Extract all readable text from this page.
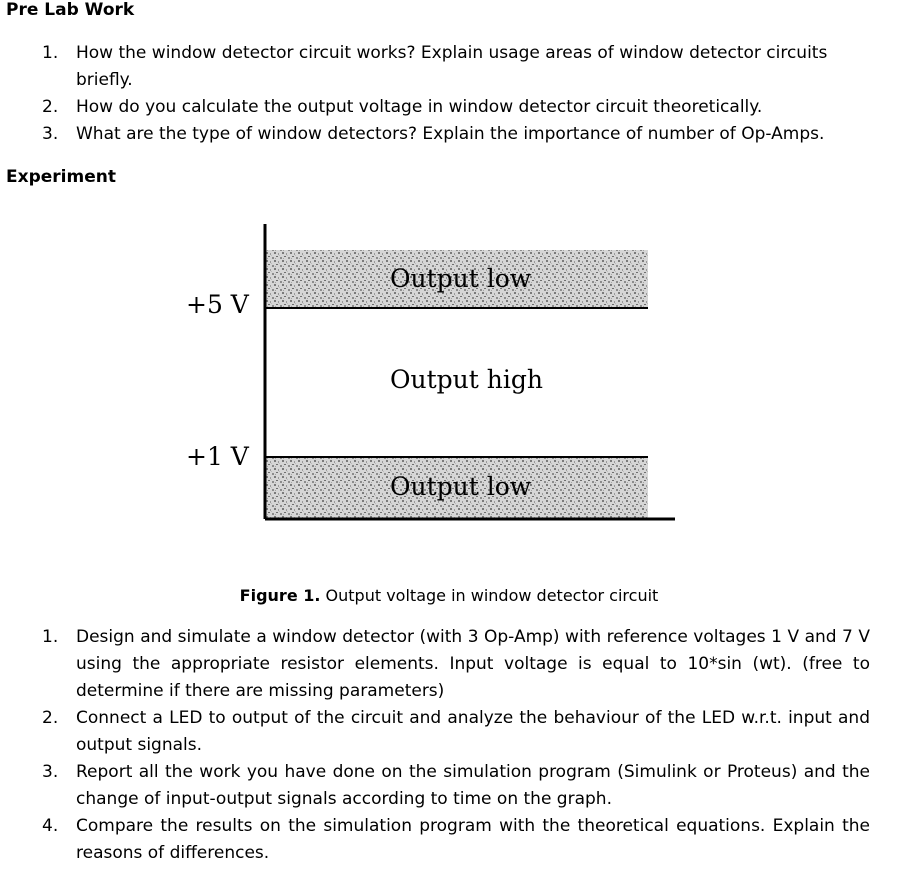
Pre Lab Work
1. How the window detector circuit works? Explain usage areas of window detector circuits briefly.
2. How do you calculate the output voltage in window detector circuit theoretically.
3. What are the type of window detectors? Explain the importance of number of Op-Amps.
Experiment
+5 V
+1 V
Output low
Output high
Output low
Figure 1. Output voltage in window detector circuit
1. Design and simulate a window detector (with 3 Op-Amp) with reference voltages 1 V and 7 V using the appropriate resistor elements. Input voltage is equal to 10*sin (wt). (free to determine if there are missing parameters)
2. Connect a LED to output of the circuit and analyze the behaviour of the LED w.r.t. input and output signals.
3. Report all the work you have done on the simulation program (Simulink or Proteus) and the change of input-output signals according to time on the graph.
4. Compare the results on the simulation program with the theoretical equations. Explain the reasons of differences.
